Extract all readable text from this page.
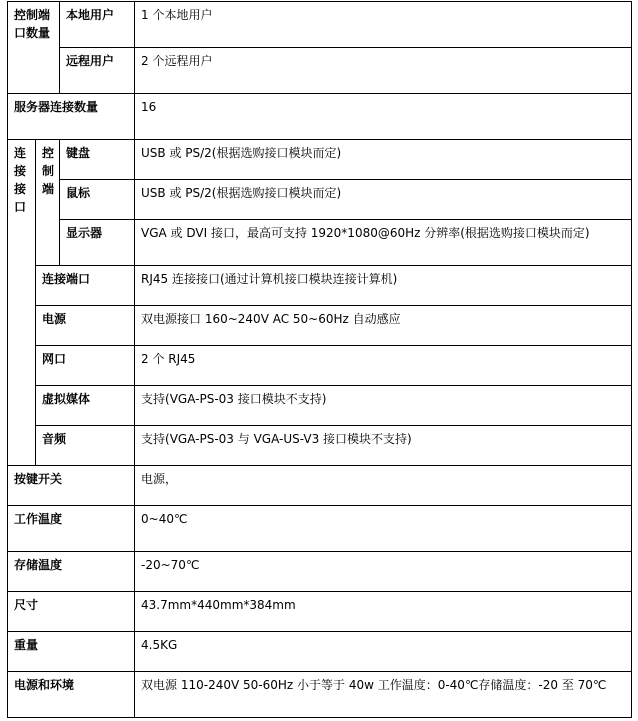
控制端口数量		本地用户	1 个本地用户
		远程用户	2 个远程用户
服务器连接数量			16

连接接口	控制端	键盘	USB 或 PS/2(根据选购接口模块而定)
		鼠标	USB 或 PS/2(根据选购接口模块而定)
		显示器	VGA 或 DVI 接口，最高可支持 1920*1080@60Hz 分辨率(根据选购接口模块而定)
	连接端口		RJ45 连接接口(通过计算机接口模块连接计算机)
	电源		双电源接口 160~240V AC 50~60Hz 自动感应
	网口		2 个 RJ45
	虚拟媒体		支持(VGA-PS-03 接口模块不支持)
	音频		支持(VGA-PS-03 与 VGA-US-V3 接口模块不支持)
按键开关			电源，
工作温度			0~40℃
存储温度			-20~70℃
尺寸			43.7mm*440mm*384mm
重量			4.5KG
电源和环境			双电源 110-240V 50-60Hz 小于等于 40w 工作温度：0-40℃存储温度：-20 至 70℃
